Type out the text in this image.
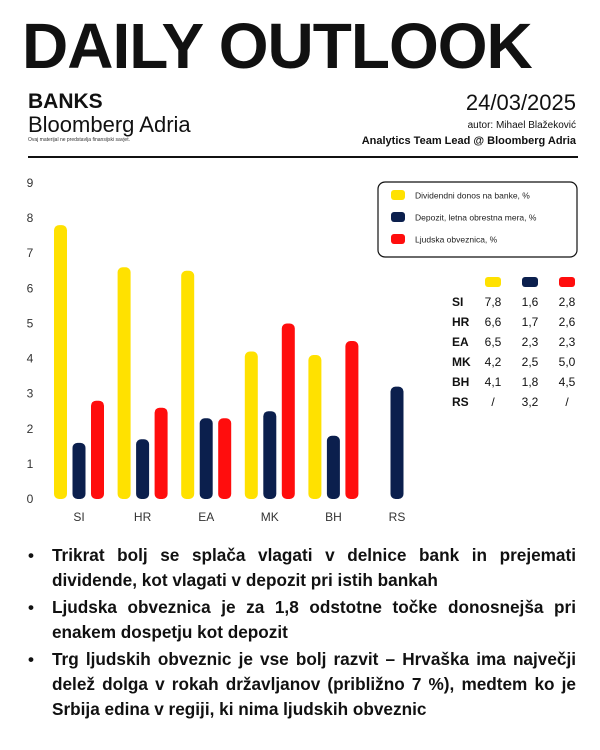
DAILY OUTLOOK
BANKS
Bloomberg Adria
Ovaj materijal ne predstavlja finansijski savjet.
24/03/2025
autor: Mihael Blažeković
Analytics Team Lead @ Bloomberg Adria
0
1
2
3
4
5
6
7
8
9
SI	HR	EA	MK	BH	RS
Dividendni donos na banke, %
Depozit, letna obrestna mera, %
Ljudska obveznica, %
SI 7,8 1,6 2,8
HR 6,6 1,7 2,6
EA 6,5 2,3 2,3
MK 4,2 2,5 5,0
BH 4,1 1,8 4,5
RS / 3,2 /
• Trikrat bolj se splača vlagati v delnice bank in prejemati dividende, kot vlagati v depozit pri istih bankah
• Ljudska obveznica je za 1,8 odstotne točke donosnejša pri enakem dospetju kot depozit
• Trg ljudskih obveznic je vse bolj razvit – Hrvaška ima največji delež dolga v rokah državljanov (približno 7 %), medtem ko je Srbija edina v regiji, ki nima ljudskih obveznic
